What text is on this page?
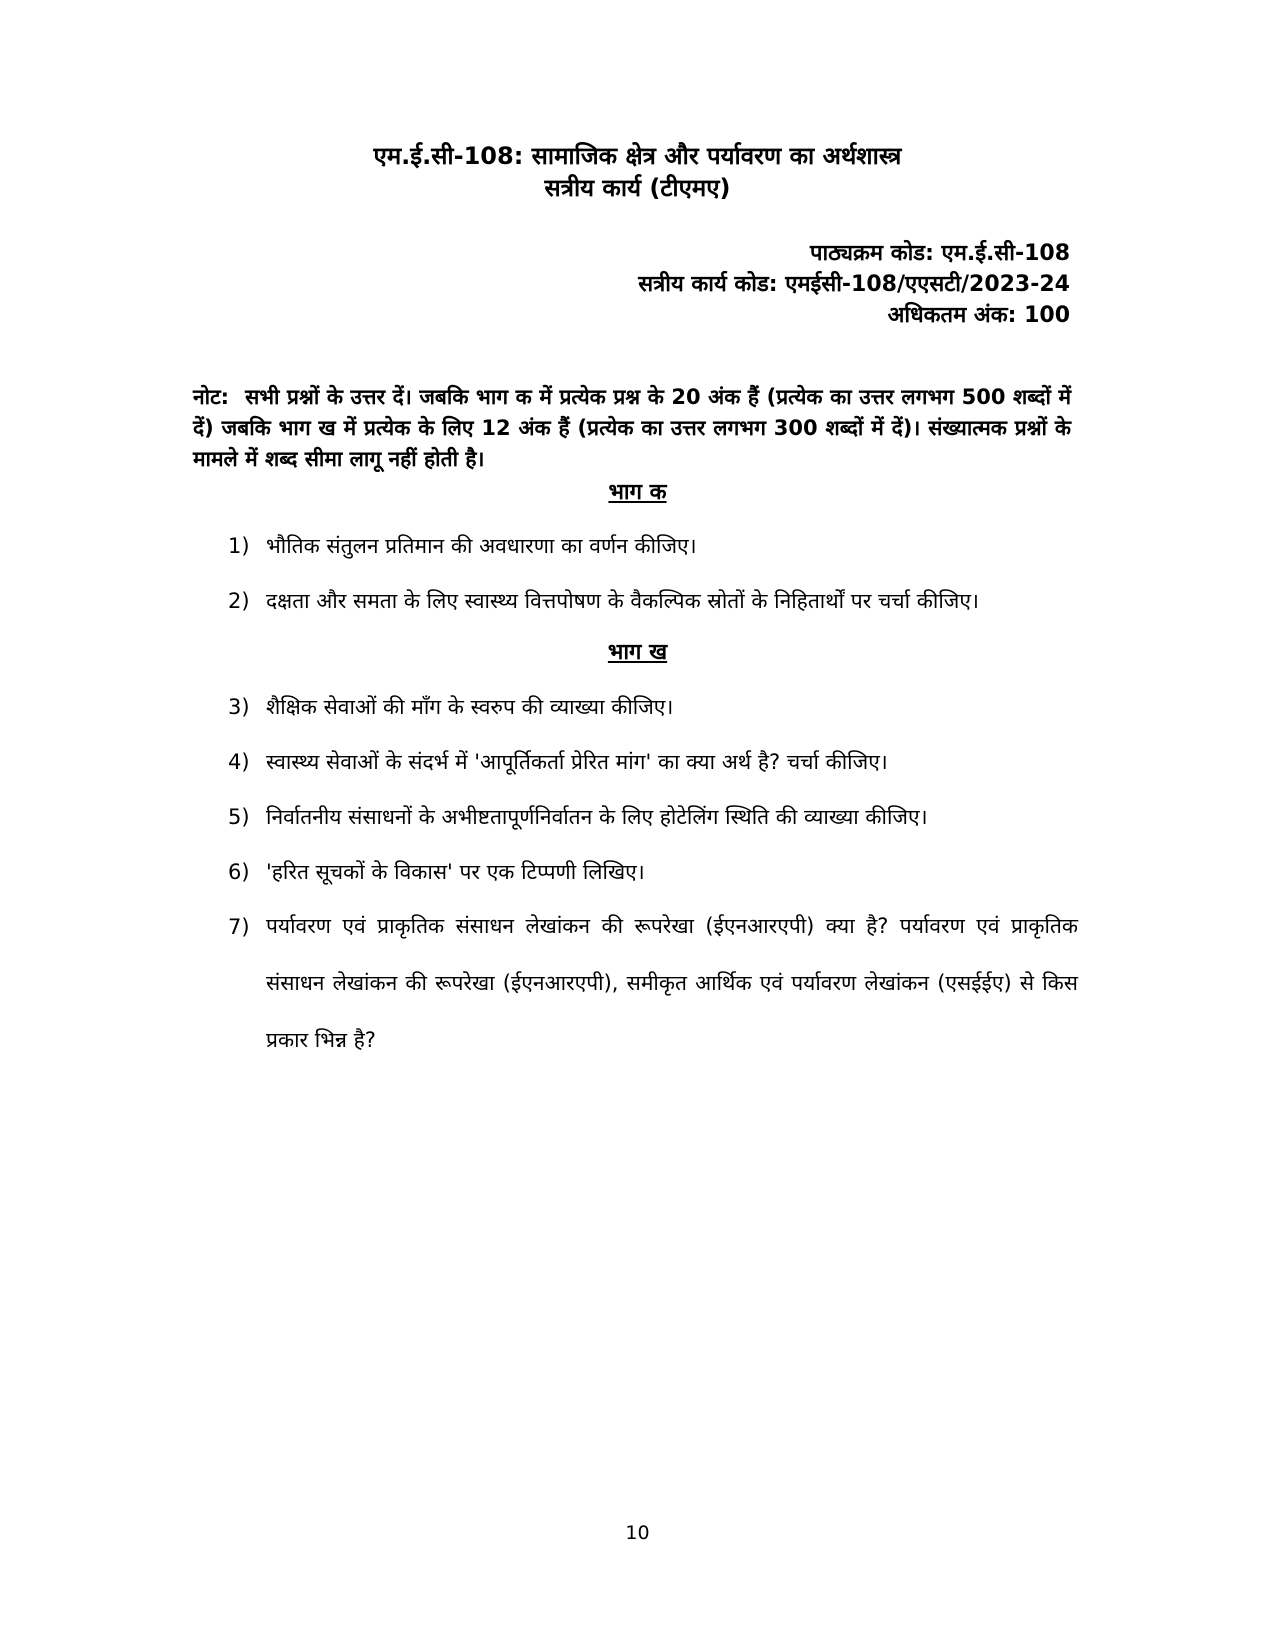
एम.ई.सी-108: सामाजिक क्षेत्र और पर्यावरण का अर्थशास्त्र
सत्रीय कार्य (टीएमए)
पाठ्यक्रम कोड: एम.ई.सी-108
सत्रीय कार्य कोड: एमईसी-108/एएसटी/2023-24
अधिकतम अंक: 100
नोट: सभी प्रश्नों के उत्तर दें। जबकि भाग क में प्रत्येक प्रश्न के 20 अंक हैं (प्रत्येक का उत्तर लगभग 500 शब्दों में दें) जबकि भाग ख में प्रत्येक के लिए 12 अंक हैं (प्रत्येक का उत्तर लगभग 300 शब्दों में दें)। संख्यात्मक प्रश्नों के मामले में शब्द सीमा लागू नहीं होती है।
भाग क
1) भौतिक संतुलन प्रतिमान की अवधारणा का वर्णन कीजिए।
2) दक्षता और समता के लिए स्वास्थ्य वित्तपोषण के वैकल्पिक स्रोतों के निहितार्थों पर चर्चा कीजिए।
भाग ख
3) शैक्षिक सेवाओं की माँग के स्वरुप की व्याख्या कीजिए।
4) स्वास्थ्य सेवाओं के संदर्भ में 'आपूर्तिकर्ता प्रेरित मांग' का क्या अर्थ है? चर्चा कीजिए।
5) निर्वातनीय संसाधनों के अभीष्टतापूर्णनिर्वातन के लिए होटेलिंग स्थिति की व्याख्या कीजिए।
6) 'हरित सूचकों के विकास' पर एक टिप्पणी लिखिए।
7) पर्यावरण एवं प्राकृतिक संसाधन लेखांकन की रूपरेखा (ईएनआरएपी) क्या है? पर्यावरण एवं प्राकृतिक संसाधन लेखांकन की रूपरेखा (ईएनआरएपी), समीकृत आर्थिक एवं पर्यावरण लेखांकन (एसईईए) से किस प्रकार भिन्न है?
10
